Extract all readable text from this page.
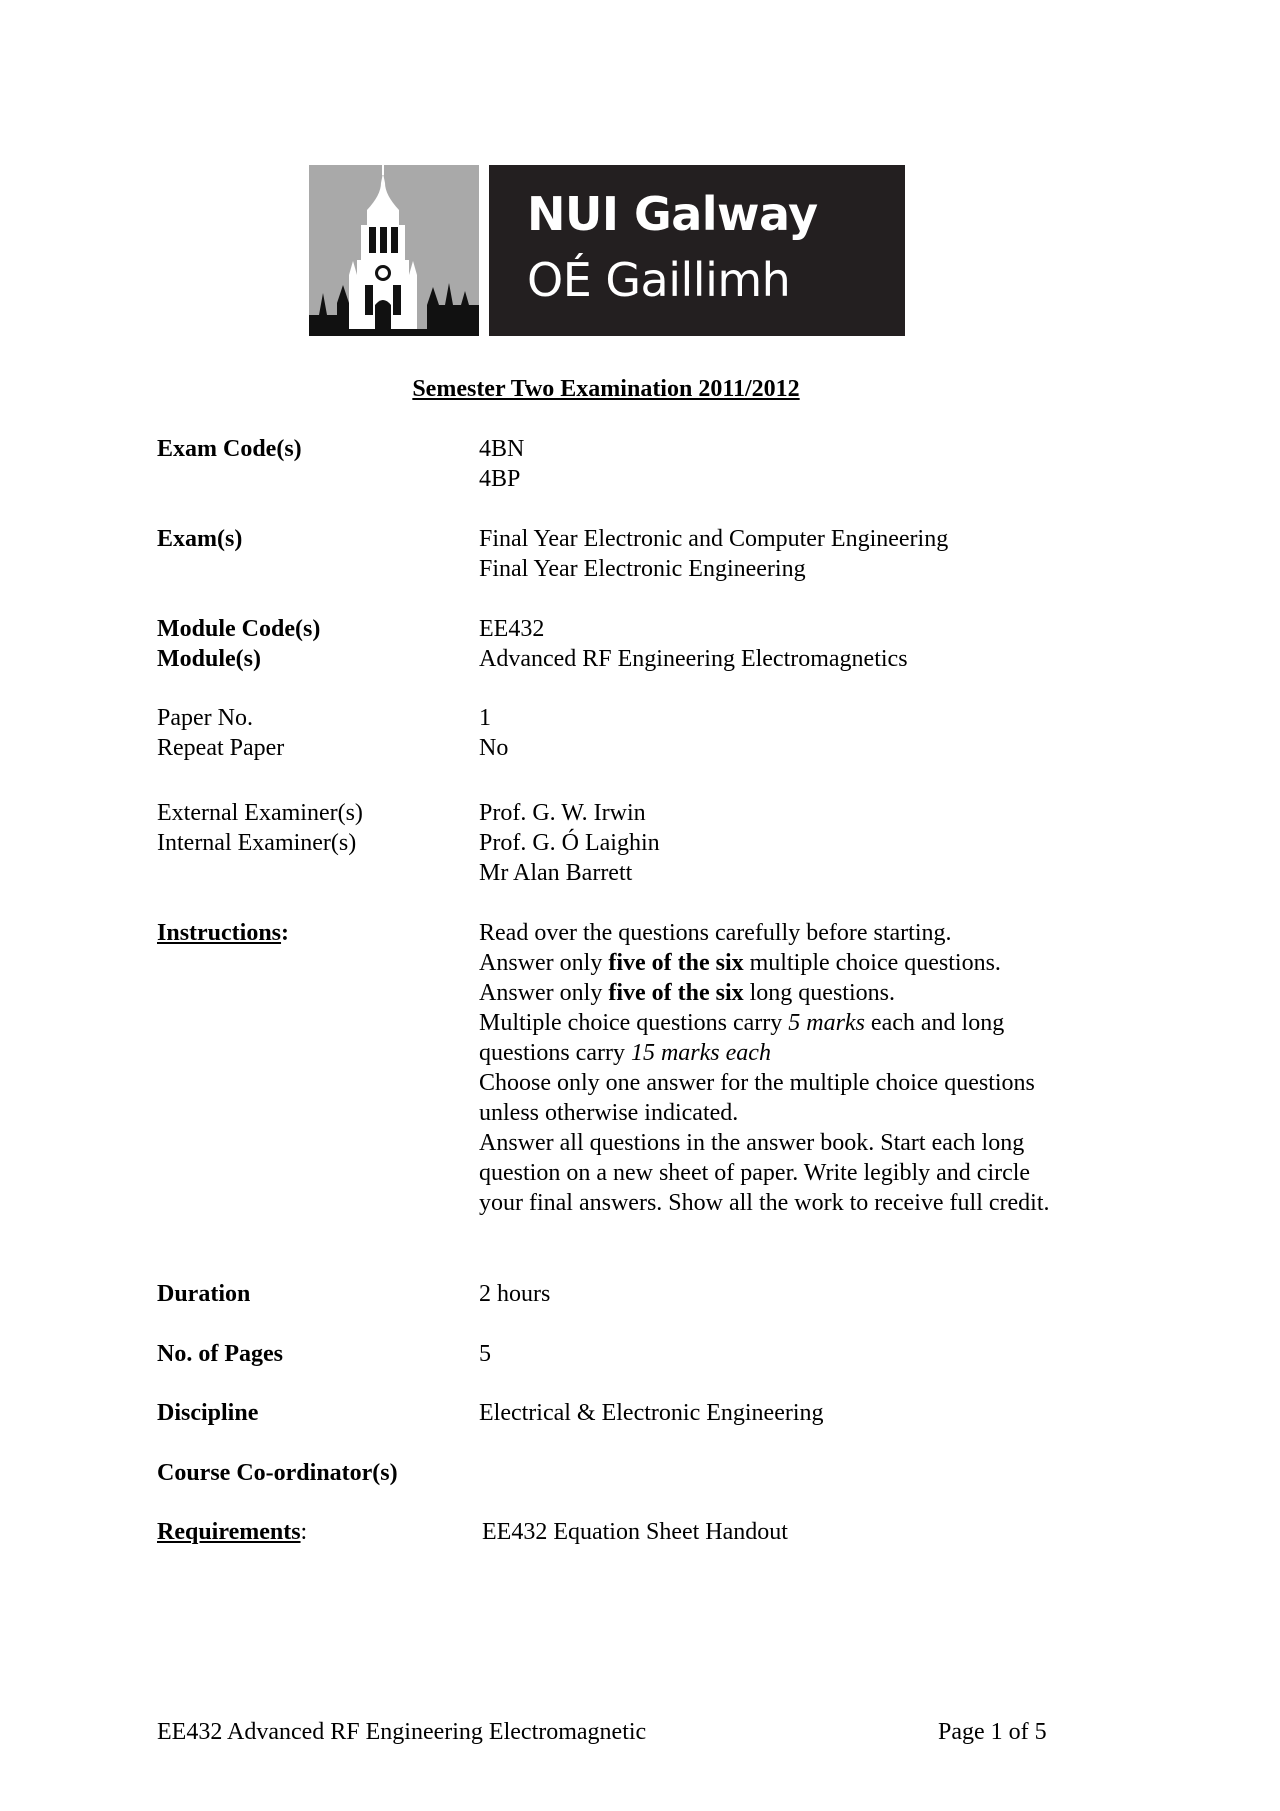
NUI Galway
OÉ Gaillimh
Semester Two Examination 2011/2012
Exam Code(s)	4BN
4BP
Exam(s)	Final Year Electronic and Computer Engineering
Final Year Electronic Engineering
Module Code(s)	EE432
Module(s)	Advanced RF Engineering Electromagnetics
Paper No.	1
Repeat Paper	No
External Examiner(s)	Prof. G. W. Irwin
Internal Examiner(s)	Prof. G. Ó Laighin
Mr Alan Barrett
Instructions:	Read over the questions carefully before starting.

Answer only five of the six multiple choice questions.

Answer only five of the six long questions.

Multiple choice questions carry 5 marks each and long questions carry 15 marks each

Choose only one answer for the multiple choice questions unless otherwise indicated.

Answer all questions in the answer book. Start each long question on a new sheet of paper. Write legibly and circle your final answers. Show all the work to receive full credit.

Duration	2 hours
No. of Pages	5
Discipline	Electrical & Electronic Engineering
Course Co-ordinator(s)
Requirements:	EE432 Equation Sheet Handout
EE432 Advanced RF Engineering Electromagnetic	Page 1 of 5
